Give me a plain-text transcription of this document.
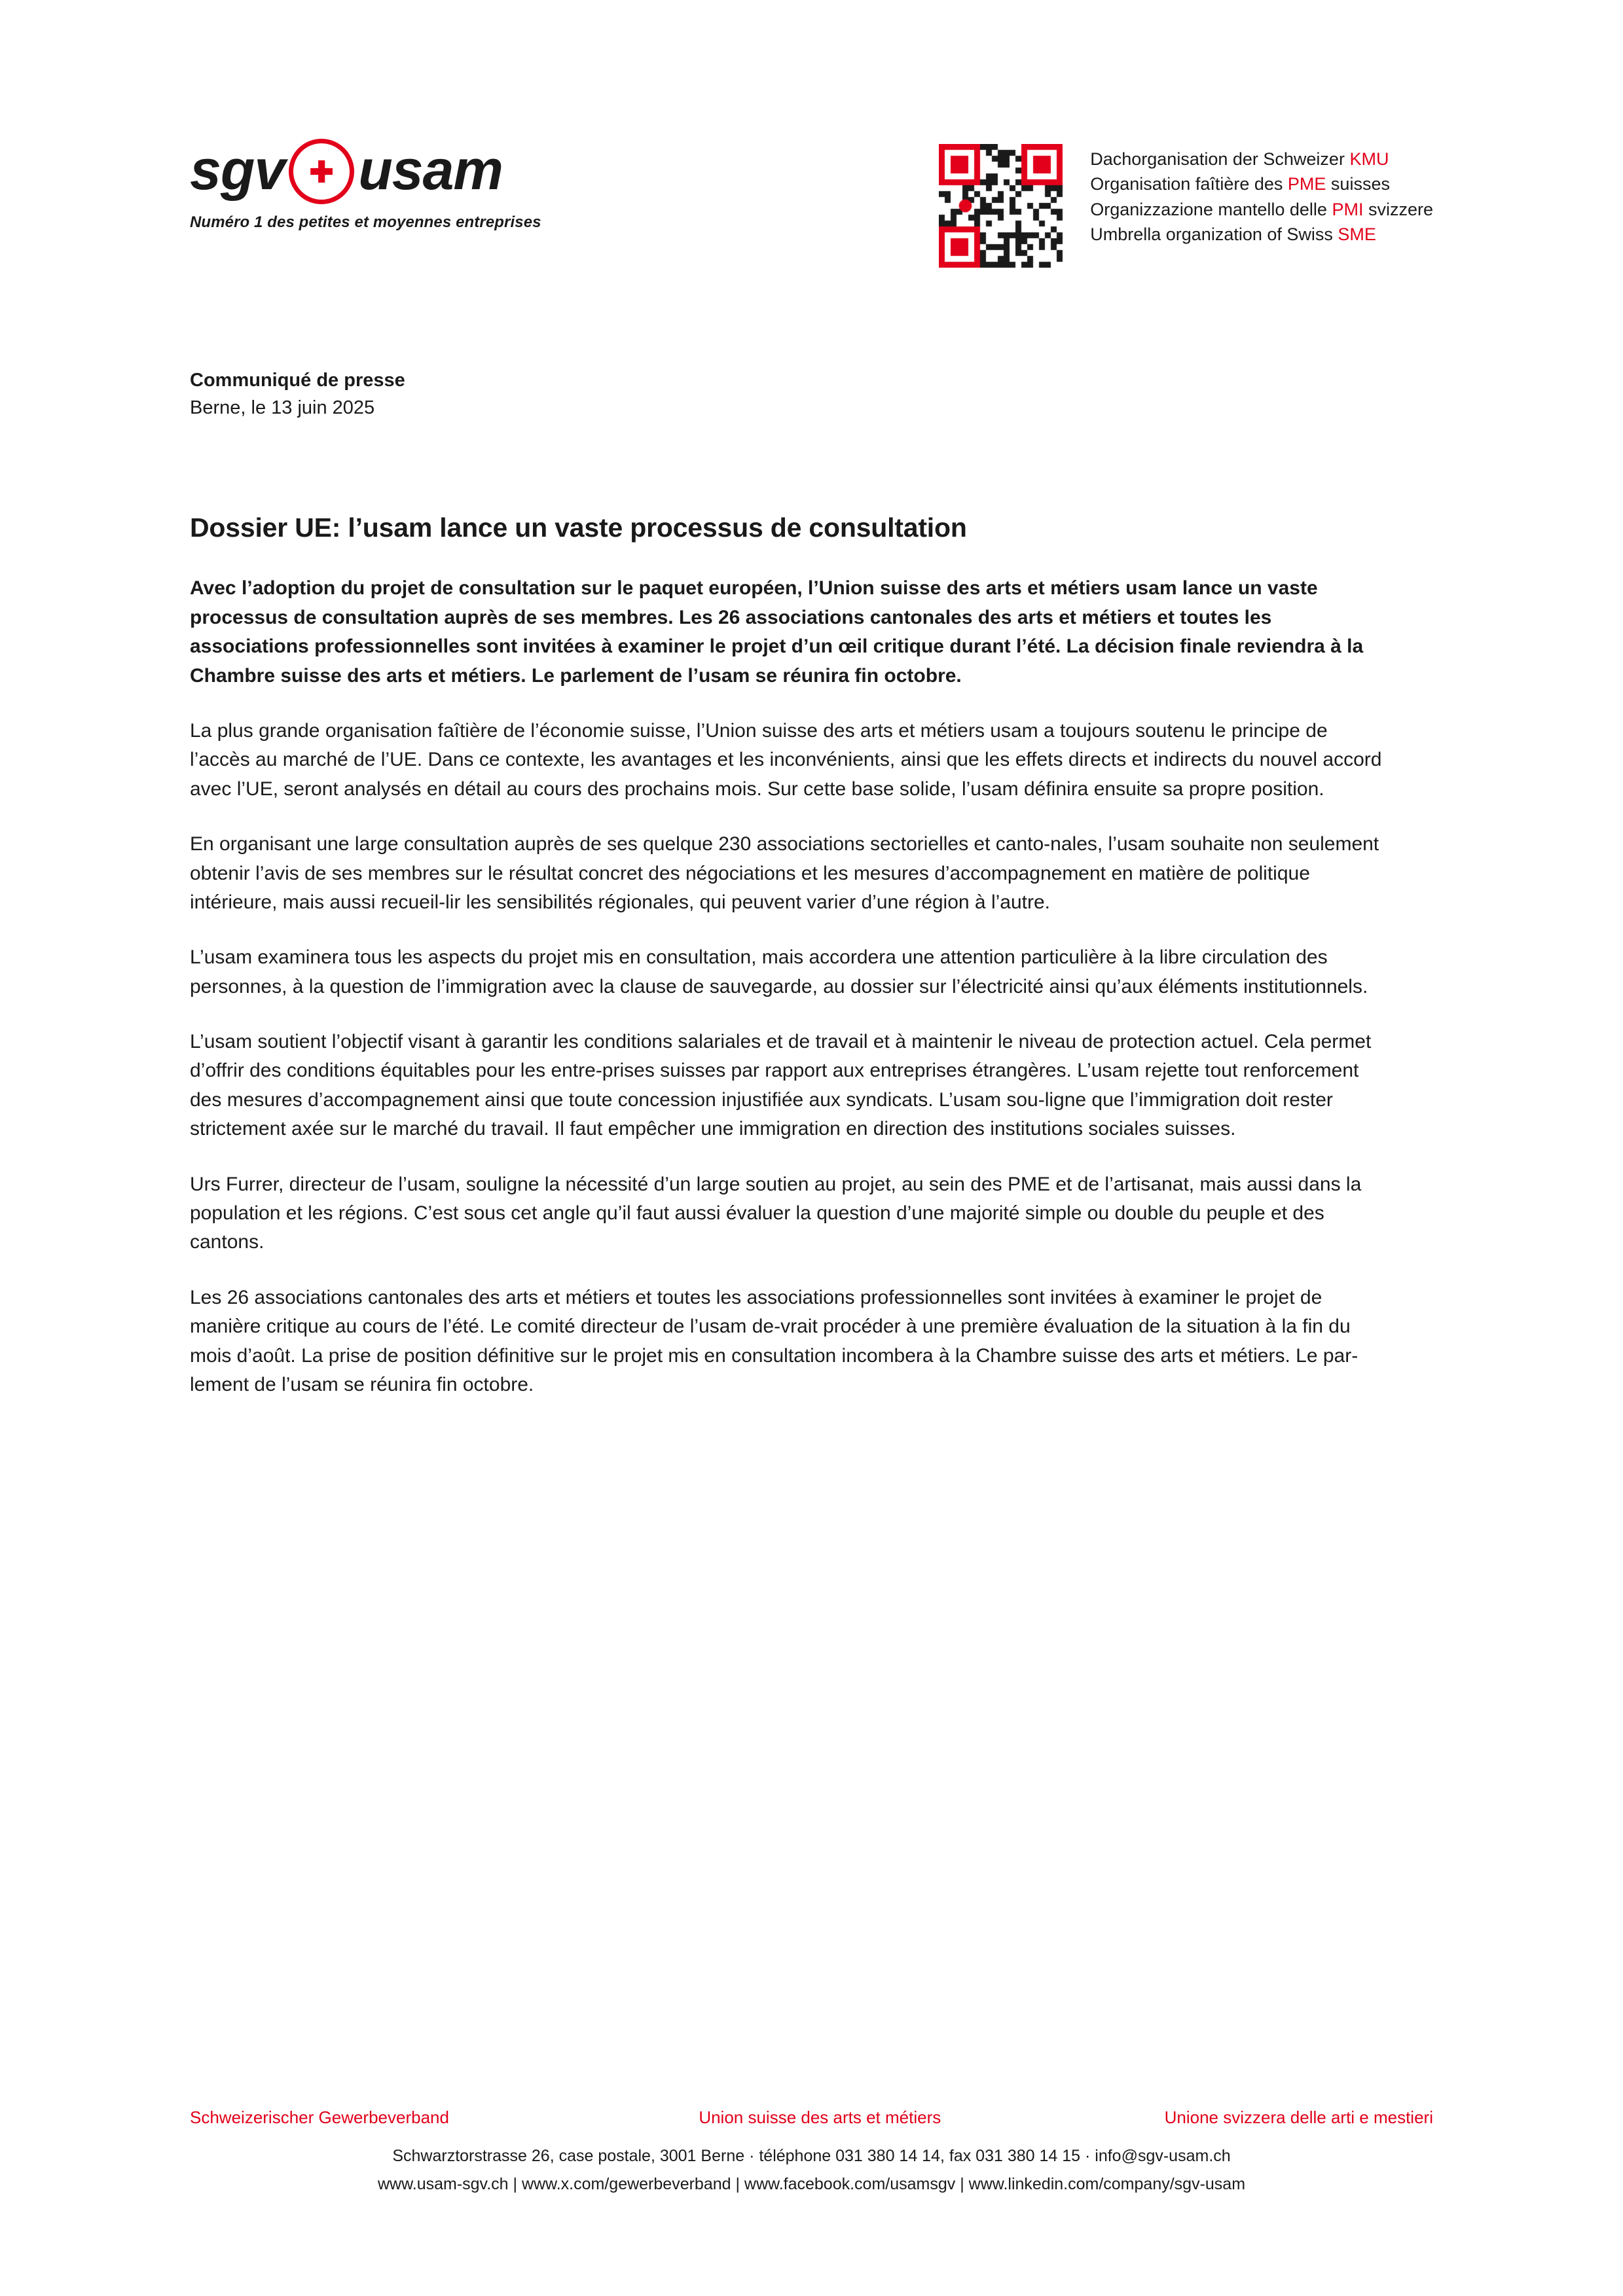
sgv usam
Numéro 1 des petites et moyennes entreprises
Dachorganisation der Schweizer KMU
Organisation faîtière des PME suisses
Organizzazione mantello delle PMI svizzere
Umbrella organization of Swiss SME
Communiqué de presse
Berne, le 13 juin 2025
Dossier UE: l’usam lance un vaste processus de consultation
Avec l’adoption du projet de consultation sur le paquet européen, l’Union suisse des arts et métiers usam lance un vaste processus de consultation auprès de ses membres. Les 26 associations cantonales des arts et métiers et toutes les associations professionnelles sont invitées à examiner le projet d’un œil critique durant l’été. La décision finale reviendra à la Chambre suisse des arts et métiers. Le parlement de l’usam se réunira fin octobre.

La plus grande organisation faîtière de l’économie suisse, l’Union suisse des arts et métiers usam a toujours soutenu le principe de l’accès au marché de l’UE. Dans ce contexte, les avantages et les inconvénients, ainsi que les effets directs et indirects du nouvel accord avec l’UE, seront analysés en détail au cours des prochains mois. Sur cette base solide, l’usam définira ensuite sa propre position.

En organisant une large consultation auprès de ses quelque 230 associations sectorielles et canto-nales, l’usam souhaite non seulement obtenir l’avis de ses membres sur le résultat concret des négociations et les mesures d’accompagnement en matière de politique intérieure, mais aussi recueil-lir les sensibilités régionales, qui peuvent varier d’une région à l’autre.

L’usam examinera tous les aspects du projet mis en consultation, mais accordera une attention particulière à la libre circulation des personnes, à la question de l’immigration avec la clause de sauvegarde, au dossier sur l’électricité ainsi qu’aux éléments institutionnels.

L’usam soutient l’objectif visant à garantir les conditions salariales et de travail et à maintenir le niveau de protection actuel. Cela permet d’offrir des conditions équitables pour les entre-prises suisses par rapport aux entreprises étrangères. L’usam rejette tout renforcement des mesures d’accompagnement ainsi que toute concession injustifiée aux syndicats. L’usam sou-ligne que l’immigration doit rester strictement axée sur le marché du travail. Il faut empêcher une immigration en direction des institutions sociales suisses.

Urs Furrer, directeur de l’usam, souligne la nécessité d’un large soutien au projet, au sein des PME et de l’artisanat, mais aussi dans la population et les régions. C’est sous cet angle qu’il faut aussi évaluer la question d’une majorité simple ou double du peuple et des cantons.

Les 26 associations cantonales des arts et métiers et toutes les associations professionnelles sont invitées à examiner le projet de manière critique au cours de l’été. Le comité directeur de l’usam de-vrait procéder à une première évaluation de la situation à la fin du mois d’août. La prise de position définitive sur le projet mis en consultation incombera à la Chambre suisse des arts et métiers. Le par-lement de l’usam se réunira fin octobre.

Schweizerischer Gewerbeverband	Union suisse des arts et métiers	Unione svizzera delle arti e mestieri
Schwarztorstrasse 26, case postale, 3001 Berne · téléphone 031 380 14 14, fax 031 380 14 15 · info@sgv-usam.ch
www.usam-sgv.ch | www.x.com/gewerbeverband | www.facebook.com/usamsgv | www.linkedin.com/company/sgv-usam
